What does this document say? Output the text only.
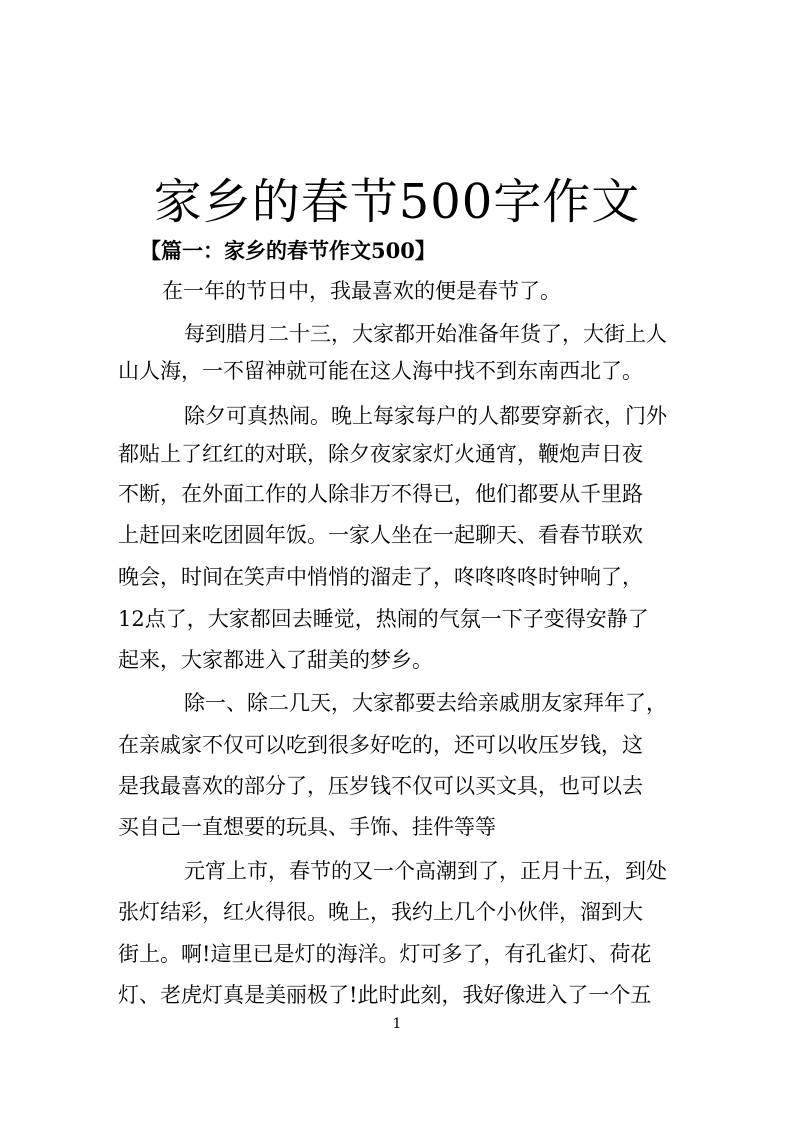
家乡的春节500字作文
【篇一：家乡的春节作文500】
在一年的节日中，我最喜欢的便是春节了。
每到腊月二十三，大家都开始准备年货了，大街上人
山人海，一不留神就可能在这人海中找不到东南西北了。
除夕可真热闹。晚上每家每户的人都要穿新衣，门外
都贴上了红红的对联，除夕夜家家灯火通宵，鞭炮声日夜
不断，在外面工作的人除非万不得已，他们都要从千里路
上赶回来吃团圆年饭。一家人坐在一起聊天、看春节联欢
晚会，时间在笑声中悄悄的溜走了，咚咚咚咚时钟响了，
12点了，大家都回去睡觉，热闹的气氛一下子变得安静了
起来，大家都进入了甜美的梦乡。
除一、除二几天，大家都要去给亲戚朋友家拜年了，
在亲戚家不仅可以吃到很多好吃的，还可以收压岁钱，这
是我最喜欢的部分了，压岁钱不仅可以买文具，也可以去
买自己一直想要的玩具、手饰、挂件等等
元宵上市，春节的又一个高潮到了，正月十五，到处
张灯结彩，红火得很。晚上，我约上几个小伙伴，溜到大
街上。啊!這里已是灯的海洋。灯可多了，有孔雀灯、荷花
灯、老虎灯真是美丽极了!此时此刻，我好像进入了一个五
1
